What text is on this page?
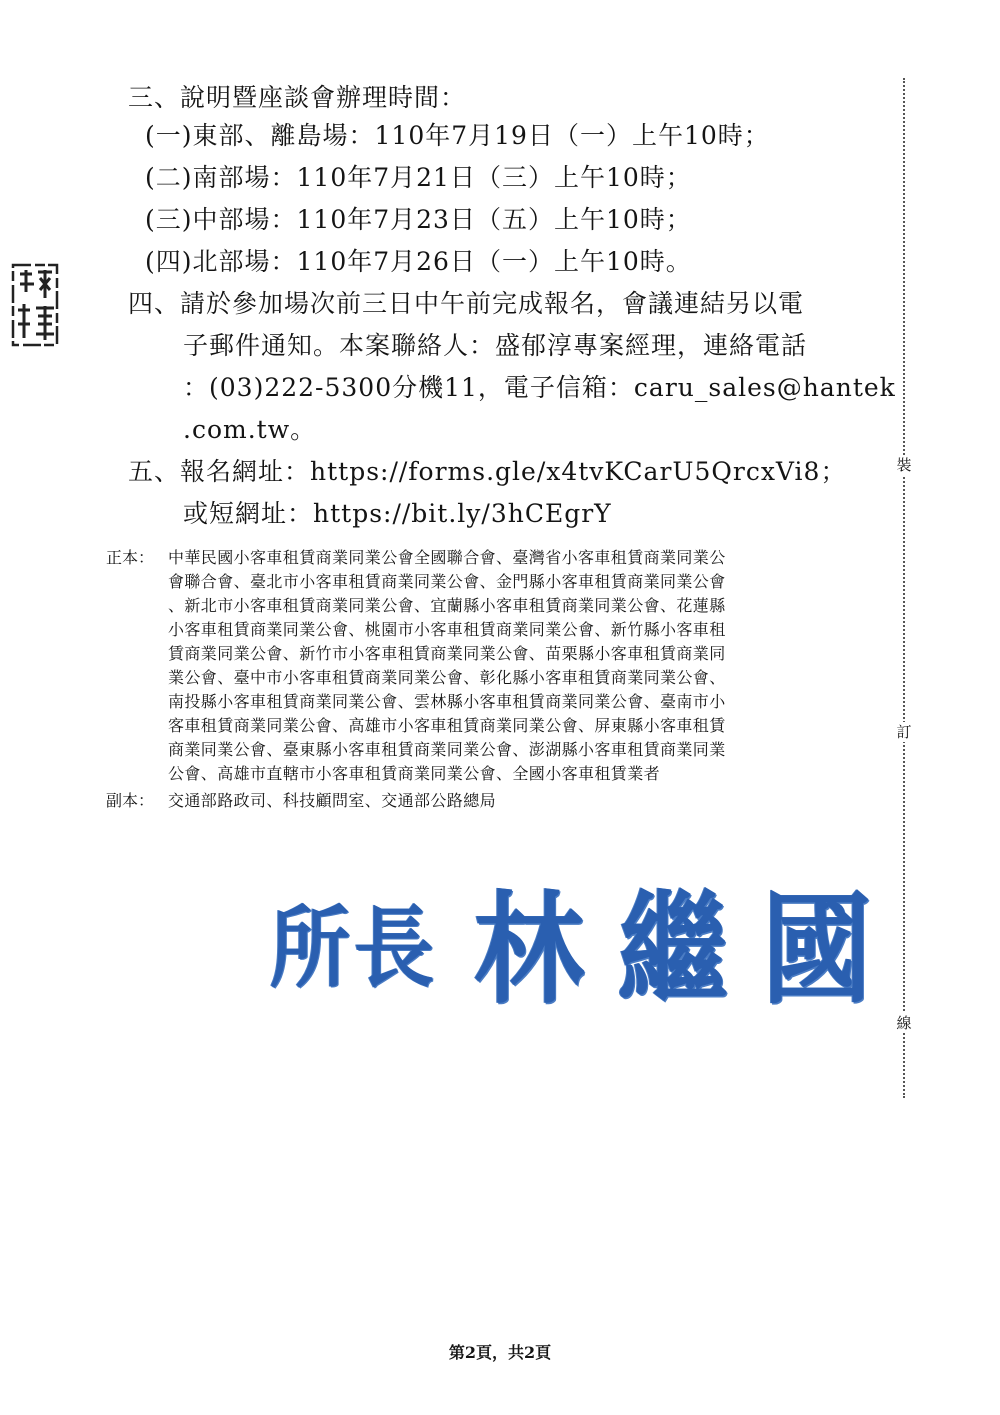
三、說明暨座談會辦理時間：
(一)東部、離島場：110年7月19日（一）上午10時；
(二)南部場：110年7月21日（三）上午10時；
(三)中部場：110年7月23日（五）上午10時；
(四)北部場：110年7月26日（一）上午10時。
四、請於參加場次前三日中午前完成報名，會議連結另以電
子郵件通知。本案聯絡人：盛郁淳專案經理，連絡電話
：(03)222-5300分機11，電子信箱：caru_sales@hantek
.com.tw。
五、報名網址：https://forms.gle/x4tvKCarU5QrcxVi8；
或短網址：https://bit.ly/3hCEgrY
正本： 中華民國小客車租賃商業同業公會全國聯合會、臺灣省小客車租賃商業同業公
會聯合會、臺北市小客車租賃商業同業公會、金門縣小客車租賃商業同業公會
、新北市小客車租賃商業同業公會、宜蘭縣小客車租賃商業同業公會、花蓮縣
小客車租賃商業同業公會、桃園市小客車租賃商業同業公會、新竹縣小客車租
賃商業同業公會、新竹市小客車租賃商業同業公會、苗栗縣小客車租賃商業同
業公會、臺中市小客車租賃商業同業公會、彰化縣小客車租賃商業同業公會、
南投縣小客車租賃商業同業公會、雲林縣小客車租賃商業同業公會、臺南市小
客車租賃商業同業公會、高雄市小客車租賃商業同業公會、屏東縣小客車租賃
商業同業公會、臺東縣小客車租賃商業同業公會、澎湖縣小客車租賃商業同業
公會、高雄市直轄市小客車租賃商業同業公會、全國小客車租賃業者
副本： 交通部路政司、科技顧問室、交通部公路總局
裝
訂
線
所 長 林 繼 國
第2頁，共2頁
